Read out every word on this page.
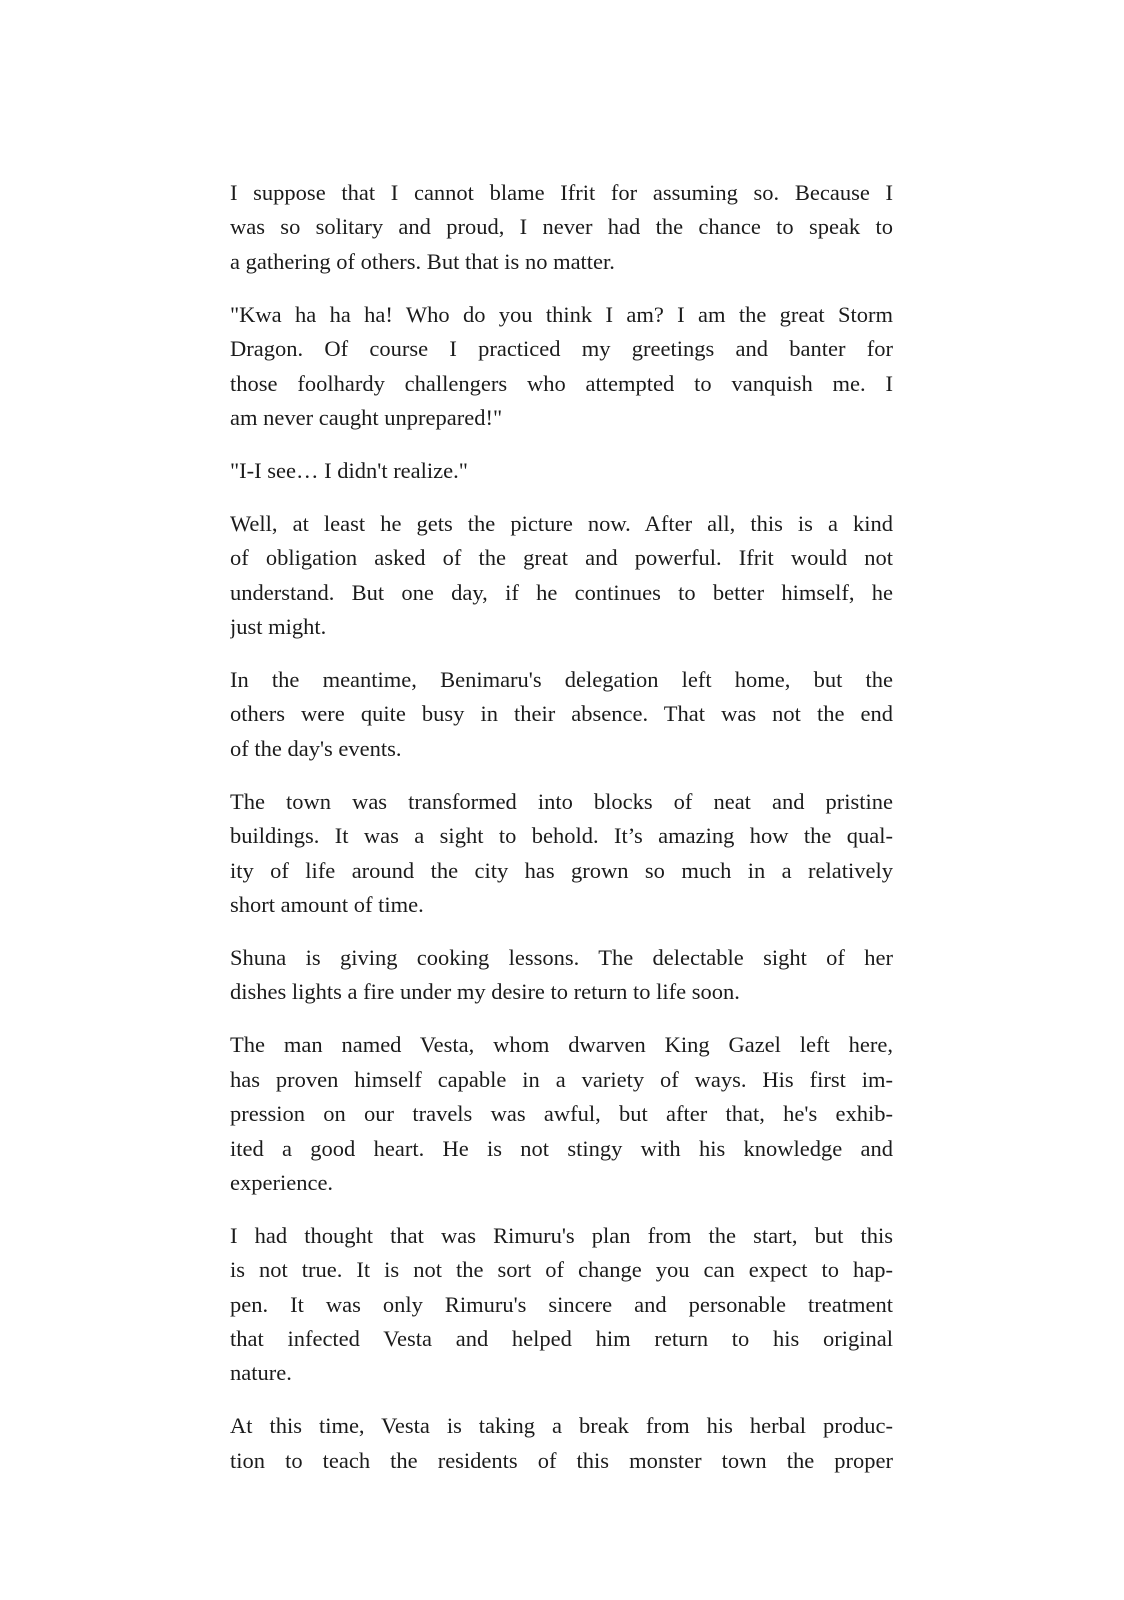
I suppose that I cannot blame Ifrit for assuming so. Because I
was so solitary and proud, I never had the chance to speak to
a gathering of others. But that is no matter.
"Kwa ha ha ha! Who do you think I am? I am the great Storm
Dragon. Of course I practiced my greetings and banter for
those foolhardy challengers who attempted to vanquish me. I
am never caught unprepared!"
"I-I see… I didn't realize."
Well, at least he gets the picture now. After all, this is a kind
of obligation asked of the great and powerful. Ifrit would not
understand. But one day, if he continues to better himself, he
just might.
In the meantime, Benimaru's delegation left home, but the
others were quite busy in their absence. That was not the end
of the day's events.
The town was transformed into blocks of neat and pristine
buildings. It was a sight to behold. It’s amazing how the qual-
ity of life around the city has grown so much in a relatively
short amount of time.
Shuna is giving cooking lessons. The delectable sight of her
dishes lights a fire under my desire to return to life soon.
The man named Vesta, whom dwarven King Gazel left here,
has proven himself capable in a variety of ways. His first im-
pression on our travels was awful, but after that, he's exhib-
ited a good heart. He is not stingy with his knowledge and
experience.
I had thought that was Rimuru's plan from the start, but this
is not true. It is not the sort of change you can expect to hap-
pen. It was only Rimuru's sincere and personable treatment
that infected Vesta and helped him return to his original
nature.
At this time, Vesta is taking a break from his herbal produc-
tion to teach the residents of this monster town the proper
